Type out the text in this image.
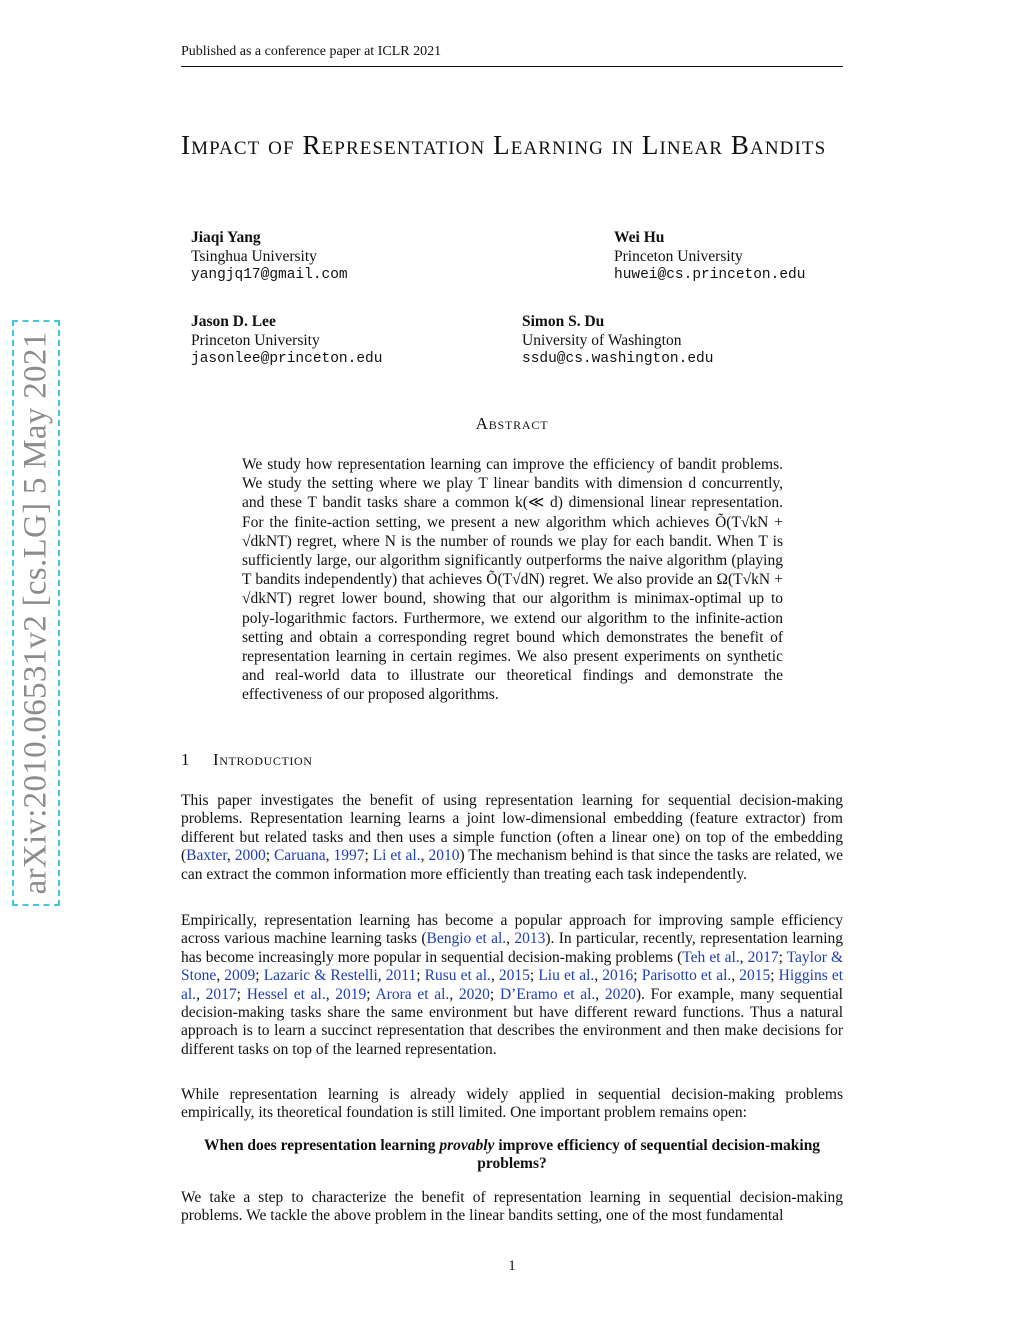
Published as a conference paper at ICLR 2021
Impact of Representation Learning in Linear Bandits
Jiaqi Yang
Tsinghua University
yangjq17@gmail.com
Wei Hu
Princeton University
huwei@cs.princeton.edu
Jason D. Lee
Princeton University
jasonlee@princeton.edu
Simon S. Du
University of Washington
ssdu@cs.washington.edu
arXiv:2010.06531v2 [cs.LG] 5 May 2021	Abstract
We study how representation learning can improve the efficiency of bandit problems. We study the setting where we play T linear bandits with dimension d concurrently, and these T bandit tasks share a common k(≪ d) dimensional linear representation. For the finite-action setting, we present a new algorithm which achieves Õ(T√kN + √dkNT) regret, where N is the number of rounds we play for each bandit. When T is sufficiently large, our algorithm significantly outperforms the naive algorithm (playing T bandits independently) that achieves Õ(T√dN) regret. We also provide an Ω(T√kN + √dkNT) regret lower bound, showing that our algorithm is minimax-optimal up to poly-logarithmic factors. Furthermore, we extend our algorithm to the infinite-action setting and obtain a corresponding regret bound which demonstrates the benefit of representation learning in certain regimes. We also present experiments on synthetic and real-world data to illustrate our theoretical findings and demonstrate the effectiveness of our proposed algorithms.
1 Introduction
This paper investigates the benefit of using representation learning for sequential decision-making problems. Representation learning learns a joint low-dimensional embedding (feature extractor) from different but related tasks and then uses a simple function (often a linear one) on top of the embedding (Baxter, 2000; Caruana, 1997; Li et al., 2010) The mechanism behind is that since the tasks are related, we can extract the common information more efficiently than treating each task independently.
Empirically, representation learning has become a popular approach for improving sample efficiency across various machine learning tasks (Bengio et al., 2013). In particular, recently, representation learning has become increasingly more popular in sequential decision-making problems (Teh et al., 2017; Taylor & Stone, 2009; Lazaric & Restelli, 2011; Rusu et al., 2015; Liu et al., 2016; Parisotto et al., 2015; Higgins et al., 2017; Hessel et al., 2019; Arora et al., 2020; D’Eramo et al., 2020). For example, many sequential decision-making tasks share the same environment but have different reward functions. Thus a natural approach is to learn a succinct representation that describes the environment and then make decisions for different tasks on top of the learned representation.
While representation learning is already widely applied in sequential decision-making problems empirically, its theoretical foundation is still limited. One important problem remains open:
When does representation learning provably improve efficiency of sequential decision-making problems?
We take a step to characterize the benefit of representation learning in sequential decision-making problems. We tackle the above problem in the linear bandits setting, one of the most fundamental
1
